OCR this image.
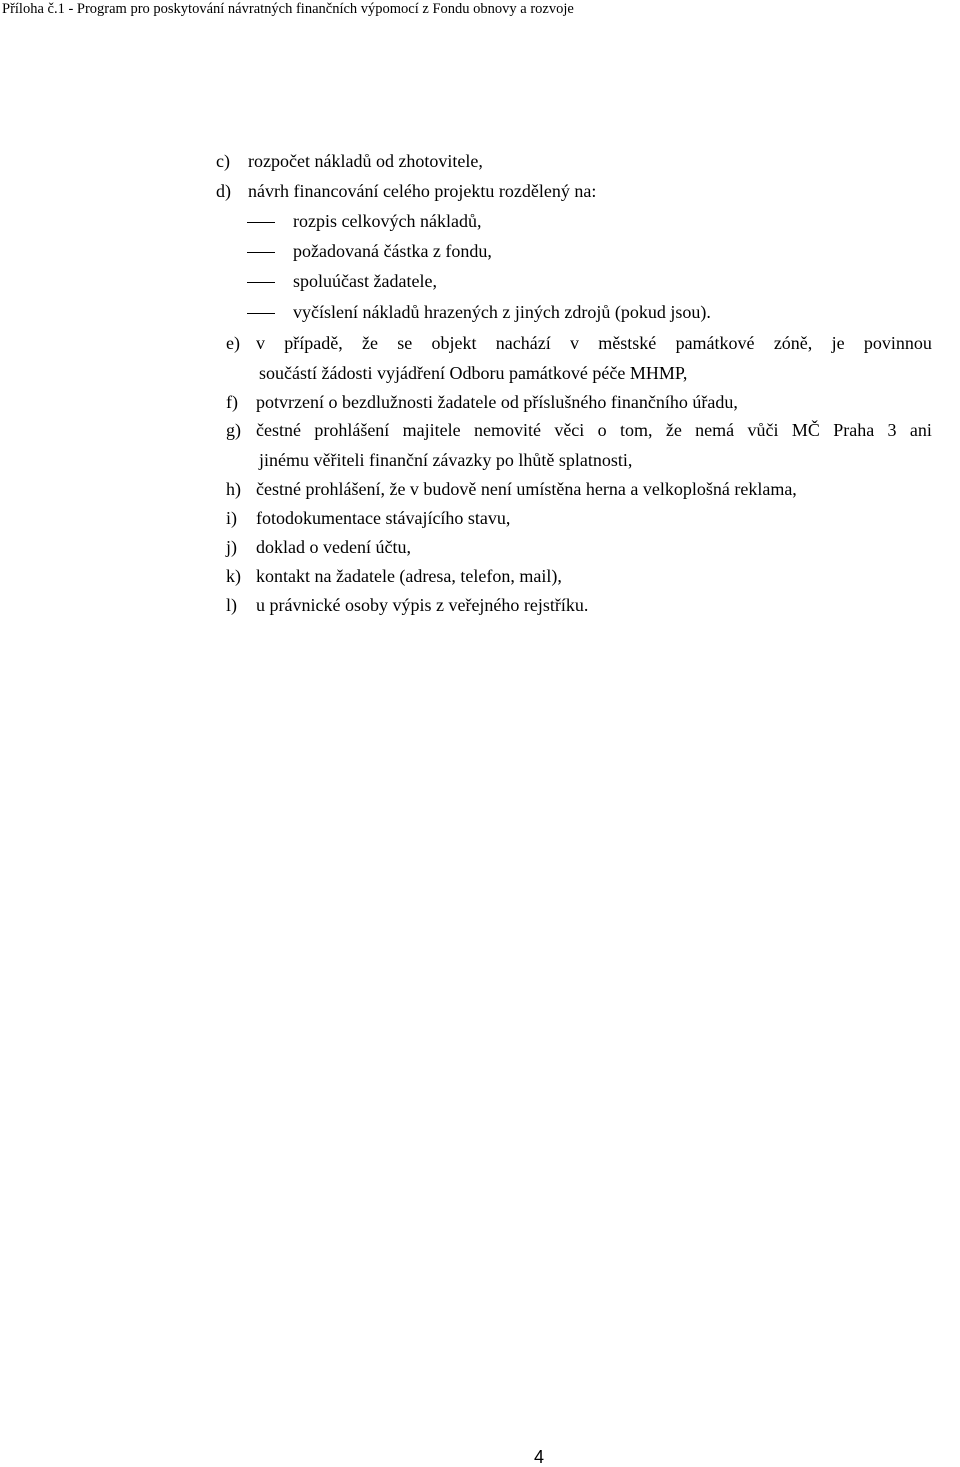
Příloha č.1 - Program pro poskytování návratných finančních výpomocí z Fondu obnovy a rozvoje
c) rozpočet nákladů od zhotovitele,
d) návrh financování celého projektu rozdělený na:
rozpis celkových nákladů,
požadovaná částka z fondu,
spoluúčast žadatele,
vyčíslení nákladů hrazených z jiných zdrojů (pokud jsou).
e) v případě, že se objekt nachází v městské památkové zóně, je povinnou
součástí žádosti vyjádření Odboru památkové péče MHMP,
f) potvrzení o bezdlužnosti žadatele od příslušného finančního úřadu,
g) čestné prohlášení majitele nemovité věci o tom, že nemá vůči MČ Praha 3 ani
jinému věřiteli finanční závazky po lhůtě splatnosti,
h) čestné prohlášení, že v budově není umístěna herna a velkoplošná reklama,
i) fotodokumentace stávajícího stavu,
j) doklad o vedení účtu,
k) kontakt na žadatele (adresa, telefon, mail),
l) u právnické osoby výpis z veřejného rejstříku.
4
